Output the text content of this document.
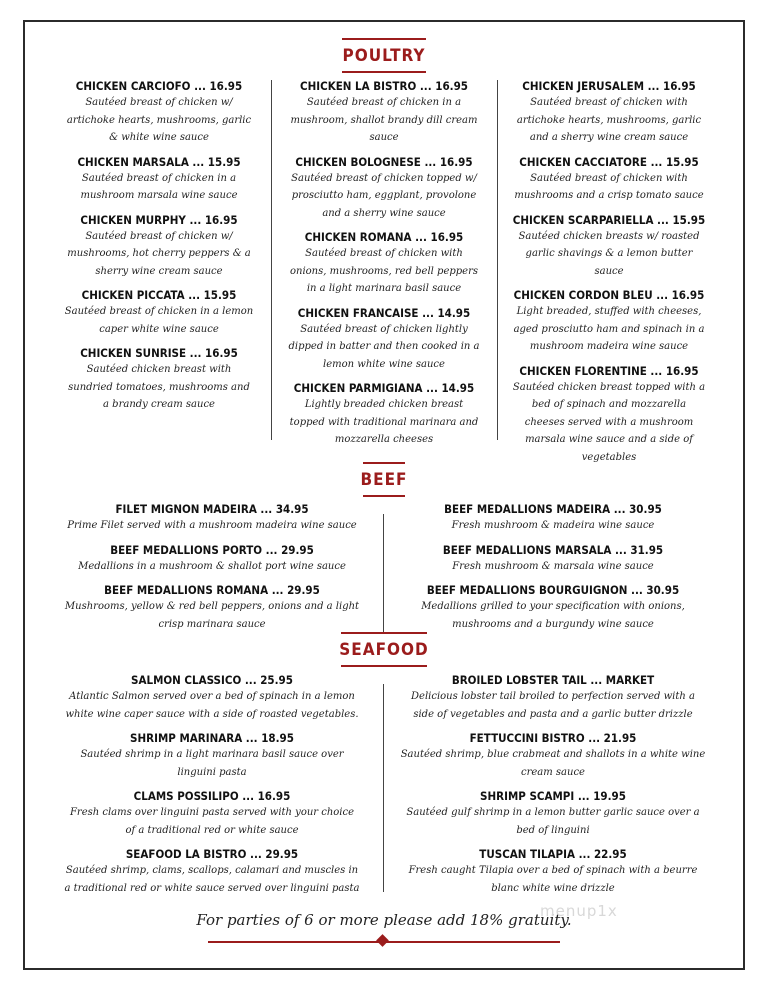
POULTRY
CHICKEN CARCIOFO ... 16.95
Sautéed breast of chicken w/ artichoke hearts, mushrooms, garlic & white wine sauce
CHICKEN MARSALA ... 15.95
Sautéed breast of chicken in a mushroom marsala wine sauce
CHICKEN MURPHY ... 16.95
Sautéed breast of chicken w/ mushrooms, hot cherry peppers & a sherry wine cream sauce
CHICKEN PICCATA ... 15.95
Sautéed breast of chicken in a lemon caper white wine sauce
CHICKEN SUNRISE ... 16.95
Sautéed chicken breast with sundried tomatoes, mushrooms and a brandy cream sauce
CHICKEN LA BISTRO ... 16.95
Sautéed breast of chicken in a mushroom, shallot brandy dill cream sauce
CHICKEN BOLOGNESE ... 16.95
Sautéed breast of chicken topped w/ prosciutto ham, eggplant, provolone and a sherry wine sauce
CHICKEN ROMANA ... 16.95
Sautéed breast of chicken with onions, mushrooms, red bell peppers in a light marinara basil sauce
CHICKEN FRANCAISE ... 14.95
Sautéed breast of chicken lightly dipped in batter and then cooked in a lemon white wine sauce
CHICKEN PARMIGIANA ... 14.95
Lightly breaded chicken breast topped with traditional marinara and mozzarella cheeses
CHICKEN JERUSALEM ... 16.95
Sautéed breast of chicken with artichoke hearts, mushrooms, garlic and a sherry wine cream sauce
CHICKEN CACCIATORE ... 15.95
Sautéed breast of chicken with mushrooms and a crisp tomato sauce
CHICKEN SCARPARIELLA ... 15.95
Sautéed chicken breasts w/ roasted garlic shavings & a lemon butter sauce
CHICKEN CORDON BLEU ... 16.95
Light breaded, stuffed with cheeses, aged prosciutto ham and spinach in a mushroom madeira wine sauce
CHICKEN FLORENTINE ... 16.95
Sautéed chicken breast topped with a bed of spinach and mozzarella cheeses served with a mushroom marsala wine sauce and a side of vegetables
BEEF
FILET MIGNON MADEIRA ... 34.95
Prime Filet served with a mushroom madeira wine sauce
BEEF MEDALLIONS PORTO ... 29.95
Medallions in a mushroom & shallot port wine sauce
BEEF MEDALLIONS ROMANA ... 29.95
Mushrooms, yellow & red bell peppers, onions and a light crisp marinara sauce
BEEF MEDALLIONS MADEIRA ... 30.95
Fresh mushroom & madeira wine sauce
BEEF MEDALLIONS MARSALA ... 31.95
Fresh mushroom & marsala wine sauce
BEEF MEDALLIONS BOURGUIGNON ... 30.95
Medallions grilled to your specification with onions, mushrooms and a burgundy wine sauce
SEAFOOD
SALMON CLASSICO ... 25.95
Atlantic Salmon served over a bed of spinach in a lemon white wine caper sauce with a side of roasted vegetables.
SHRIMP MARINARA ... 18.95
Sautéed shrimp in a light marinara basil sauce over linguini pasta
CLAMS POSSILIPO ... 16.95
Fresh clams over linguini pasta served with your choice of a traditional red or white sauce
SEAFOOD LA BISTRO ... 29.95
Sautéed shrimp, clams, scallops, calamari and muscles in a traditional red or white sauce served over linguini pasta
BROILED LOBSTER TAIL ... MARKET
Delicious lobster tail broiled to perfection served with a side of vegetables and pasta and a garlic butter drizzle
FETTUCCINI BISTRO ... 21.95
Sautéed shrimp, blue crabmeat and shallots in a white wine cream sauce
SHRIMP SCAMPI ... 19.95
Sautéed gulf shrimp in a lemon butter garlic sauce over a bed of linguini
TUSCAN TILAPIA ... 22.95
Fresh caught Tilapia over a bed of spinach with a beurre blanc white wine drizzle
For parties of 6 or more please add 18% gratuity.
menup1x
